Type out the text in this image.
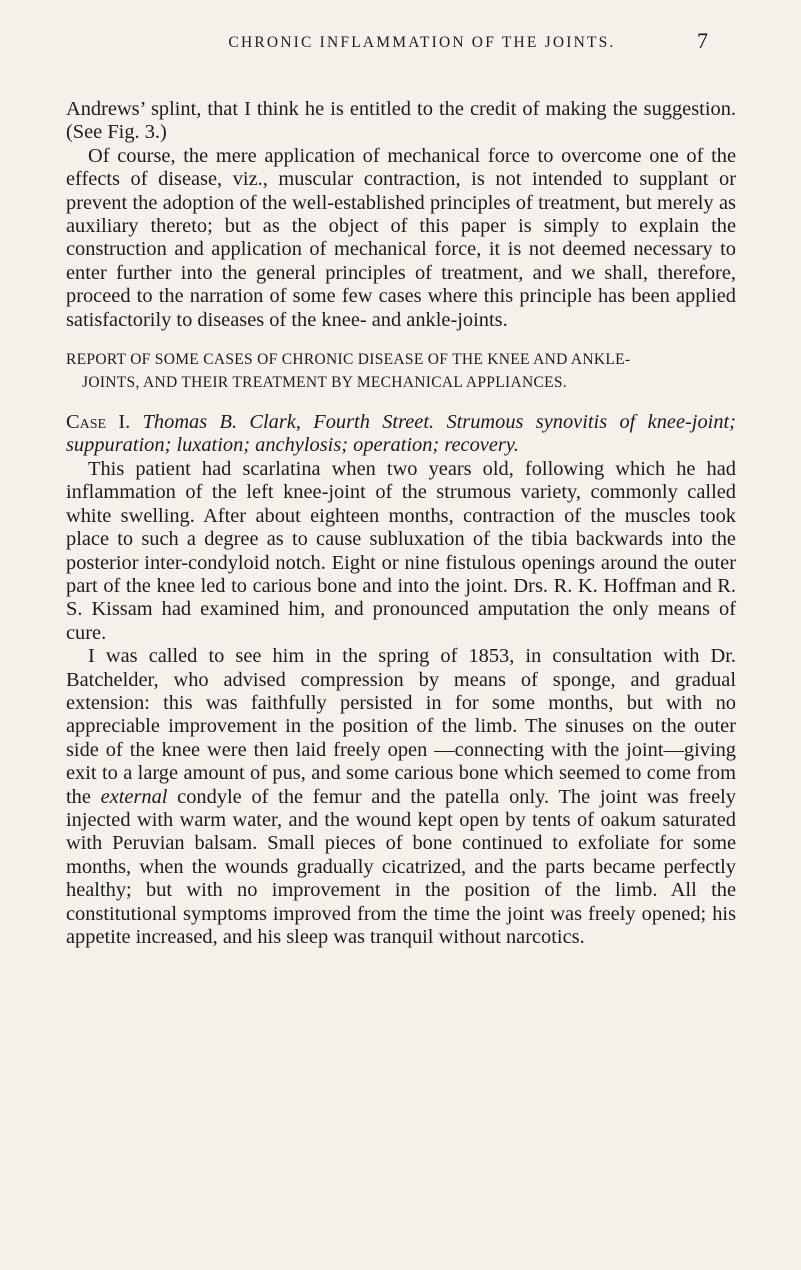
CHRONIC INFLAMMATION OF THE JOINTS.	7

Andrews’ splint, that I think he is entitled to the credit of making the suggestion. (See Fig. 3.)

Of course, the mere application of mechanical force to overcome one of the effects of disease, viz., muscular contraction, is not intended to supplant or prevent the adoption of the well-established principles of treatment, but merely as auxiliary thereto; but as the object of this paper is simply to explain the construction and application of mechanical force, it is not deemed necessary to enter further into the general principles of treatment, and we shall, therefore, proceed to the narration of some few cases where this principle has been applied satisfactorily to diseases of the knee- and ankle-joints.

REPORT OF SOME CASES OF CHRONIC DISEASE OF THE KNEE AND ANKLE-
JOINTS, AND THEIR TREATMENT BY MECHANICAL APPLIANCES.

Case I. Thomas B. Clark, Fourth Street. Strumous synovitis of knee-joint; suppuration; luxation; anchylosis; operation; recovery.

This patient had scarlatina when two years old, following which he had inflammation of the left knee-joint of the strumous variety, commonly called white swelling. After about eighteen months, contraction of the muscles took place to such a degree as to cause subluxation of the tibia backwards into the posterior inter-condyloid notch. Eight or nine fistulous openings around the outer part of the knee led to carious bone and into the joint. Drs. R. K. Hoffman and R. S. Kissam had examined him, and pronounced amputation the only means of cure.

I was called to see him in the spring of 1853, in consultation with Dr. Batchelder, who advised compression by means of sponge, and gradual extension: this was faithfully persisted in for some months, but with no appreciable improvement in the position of the limb. The sinuses on the outer side of the knee were then laid freely open —connecting with the joint—giving exit to a large amount of pus, and some carious bone which seemed to come from the external condyle of the femur and the patella only. The joint was freely injected with warm water, and the wound kept open by tents of oakum saturated with Peruvian balsam. Small pieces of bone continued to exfoliate for some months, when the wounds gradually cicatrized, and the parts became perfectly healthy; but with no improvement in the position of the limb. All the constitutional symptoms improved from the time the joint was freely opened; his appetite increased, and his sleep was tranquil without narcotics.
